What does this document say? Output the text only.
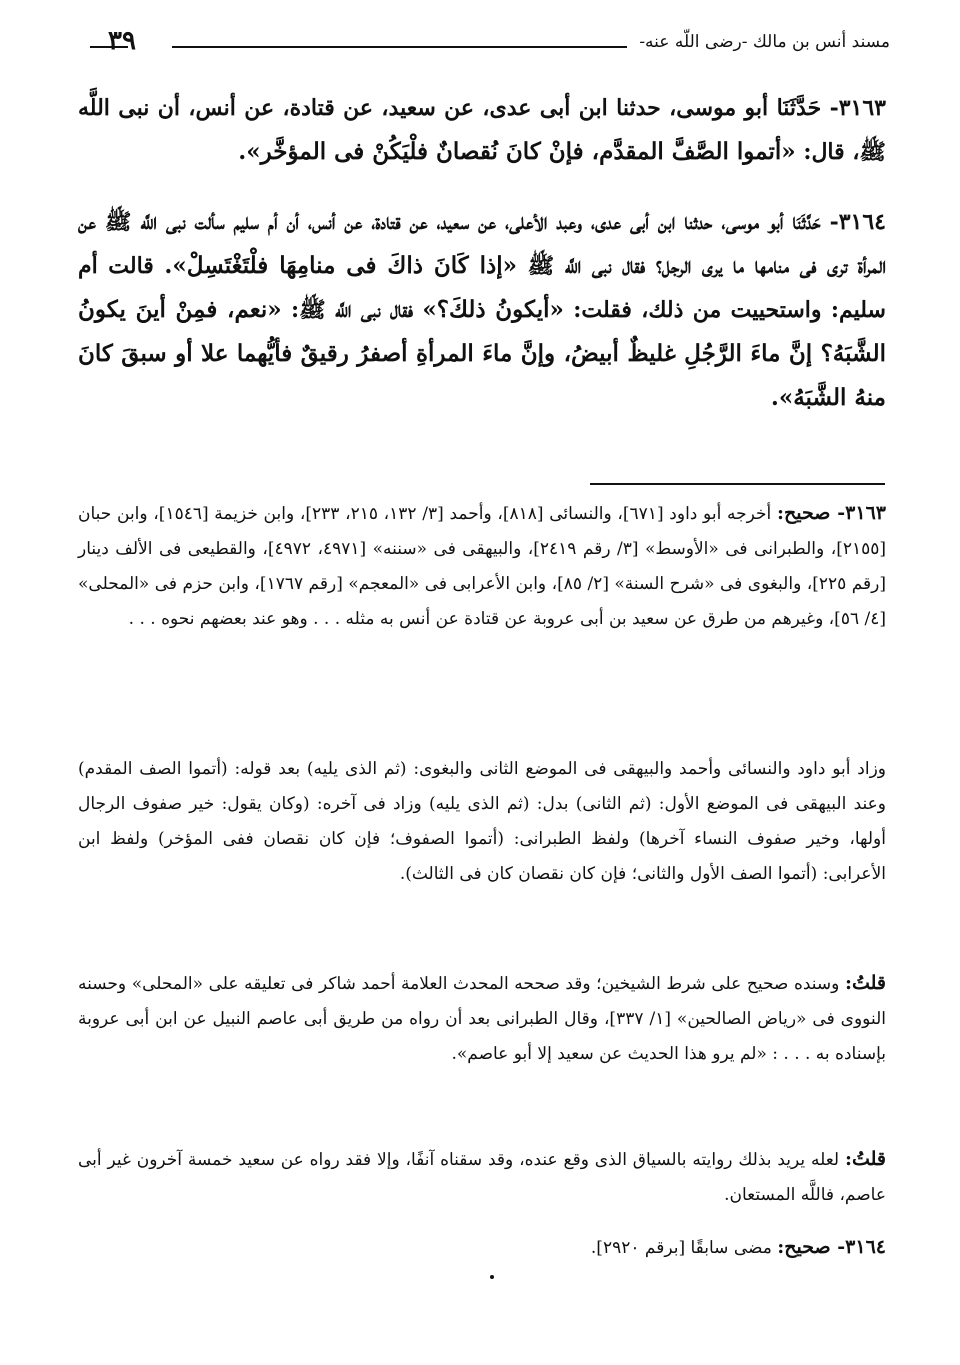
٣٩	مسند أنس بن مالك -رضى اللّه عنه-
٣١٦٣- حَدَّثَنَا أبو موسى، حدثنا ابن أبى عدى، عن سعيد، عن قتادة، عن أنس، أن نبى اللَّه ﷺ، قال: «أتموا الصَّفَّ المقدَّم، فإنْ كانَ نُقصانٌ فلْيَكُنْ فى المؤخَّر».
٣١٦٤- حَدَّثَنَا أبو موسى، حدثنا ابن أبى عدى، وعبد الأعلى، عن سعيد، عن قتادة، عن أنس، أن أم سليم سألت نبى اللَّه ﷺ عن المرأة ترى فى منامها ما يرى الرجل؟ فقال نبى اللَّه ﷺ «إذا كَانَ ذاكَ فى منامِهَا فلْتَغْتَسِلْ». قالت أم سليم: واستحييت من ذلك، فقلت: «أيكونُ ذلكَ؟» فقال نبى اللَّه ﷺ: «نعم، فمِنْ أينَ يكونُ الشَّبَهُ؟ إنَّ ماءَ الرَّجُلِ غليظٌ أبيضُ، وإنَّ ماءَ المرأةِ أصفرُ رقيقٌ فأيُّهما علا أو سبقَ كانَ منهُ الشَّبَهُ».
٣١٦٣- صحيح: أخرجه أبو داود [٦٧١]، والنسائى [٨١٨]، وأحمد [٣/ ١٣٢، ٢١٥، ٢٣٣]، وابن خزيمة [١٥٤٦]، وابن حبان [٢١٥٥]، والطبرانى فى «الأوسط» [٣/ رقم ٢٤١٩]، والبيهقى فى «سننه» [٤٩٧١، ٤٩٧٢]، والقطيعى فى الألف دينار [رقم ٢٢٥]، والبغوى فى «شرح السنة» [٢/ ٨٥]، وابن الأعرابى فى «المعجم» [رقم ١٧٦٧]، وابن حزم فى «المحلى» [٤/ ٥٦]، وغيرهم من طرق عن سعيد بن أبى عروبة عن قتادة عن أنس به مثله . . . وهو عند بعضهم نحوه . . .
وزاد أبو داود والنسائى وأحمد والبيهقى فى الموضع الثانى والبغوى: (ثم الذى يليه) بعد قوله: (أتموا الصف المقدم) وعند البيهقى فى الموضع الأول: (ثم الثانى) بدل: (ثم الذى يليه) وزاد فى آخره: (وكان يقول: خير صفوف الرجال أولها، وخير صفوف النساء آخرها) ولفظ الطبرانى: (أتموا الصفوف؛ فإن كان نقصان ففى المؤخر) ولفظ ابن الأعرابى: (أتموا الصف الأول والثانى؛ فإن كان نقصان كان فى الثالث).
قلتُ: وسنده صحيح على شرط الشيخين؛ وقد صححه المحدث العلامة أحمد شاكر فى تعليقه على «المحلى» وحسنه النووى فى «رياض الصالحين» [١/ ٣٣٧]، وقال الطبرانى بعد أن رواه من طريق أبى عاصم النبيل عن ابن أبى عروبة بإسناده به . . . : «لم يرو هذا الحديث عن سعيد إلا أبو عاصم».
قلتُ: لعله يريد بذلك روايته بالسياق الذى وقع عنده، وقد سقناه آنفًا، وإلا فقد رواه عن سعيد خمسة آخرون غير أبى عاصم، فاللَّه المستعان.
٣١٦٤- صحيح: مضى سابقًا [برقم ٢٩٢٠].
